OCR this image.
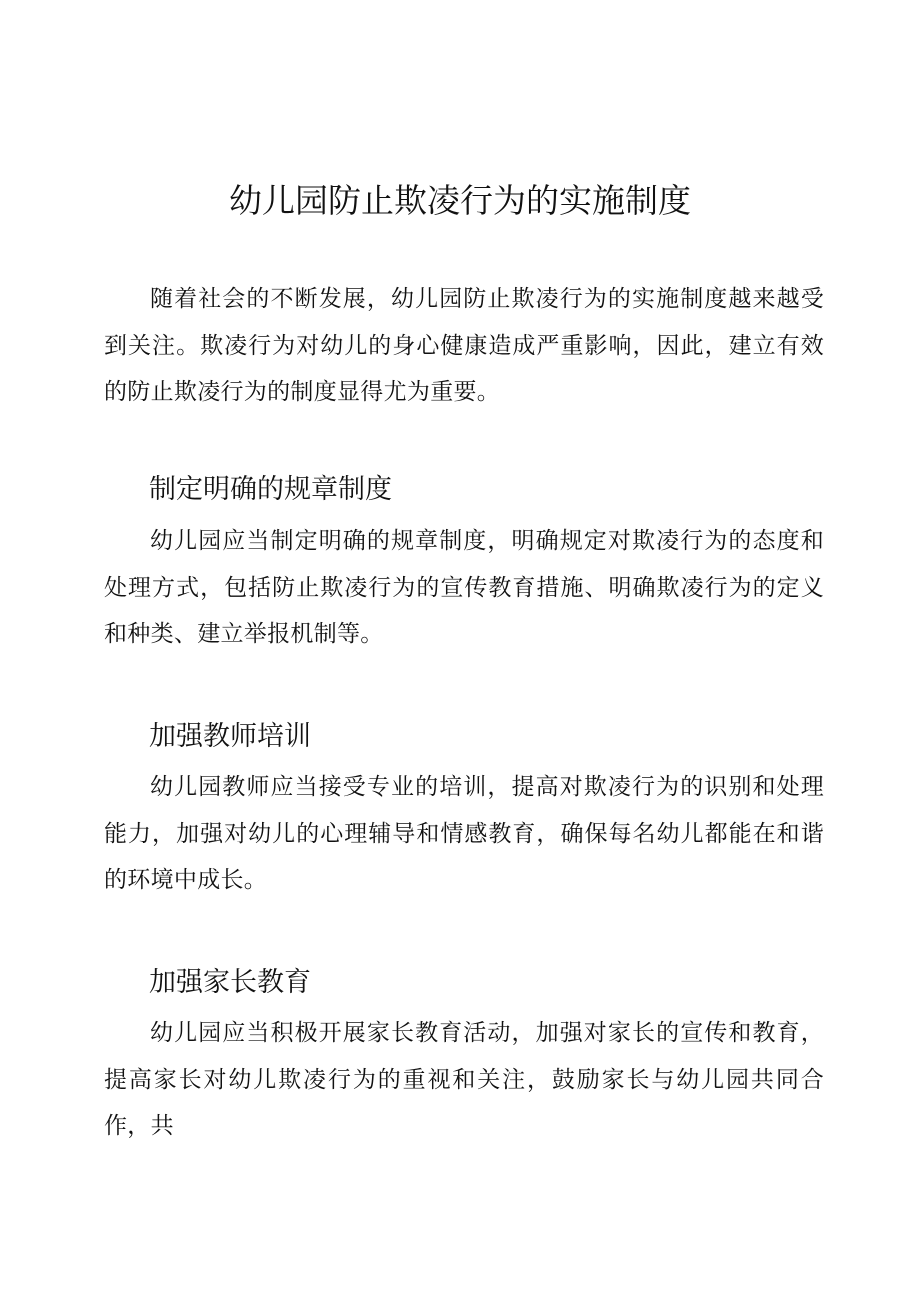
幼儿园防止欺凌行为的实施制度

随着社会的不断发展，幼儿园防止欺凌行为的实施制度越来越受到关注。欺凌行为对幼儿的身心健康造成严重影响，因此，建立有效的防止欺凌行为的制度显得尤为重要。

制定明确的规章制度

幼儿园应当制定明确的规章制度，明确规定对欺凌行为的态度和处理方式，包括防止欺凌行为的宣传教育措施、明确欺凌行为的定义和种类、建立举报机制等。

加强教师培训

幼儿园教师应当接受专业的培训，提高对欺凌行为的识别和处理能力，加强对幼儿的心理辅导和情感教育，确保每名幼儿都能在和谐的环境中成长。

加强家长教育

幼儿园应当积极开展家长教育活动，加强对家长的宣传和教育，提高家长对幼儿欺凌行为的重视和关注，鼓励家长与幼儿园共同合作，共
